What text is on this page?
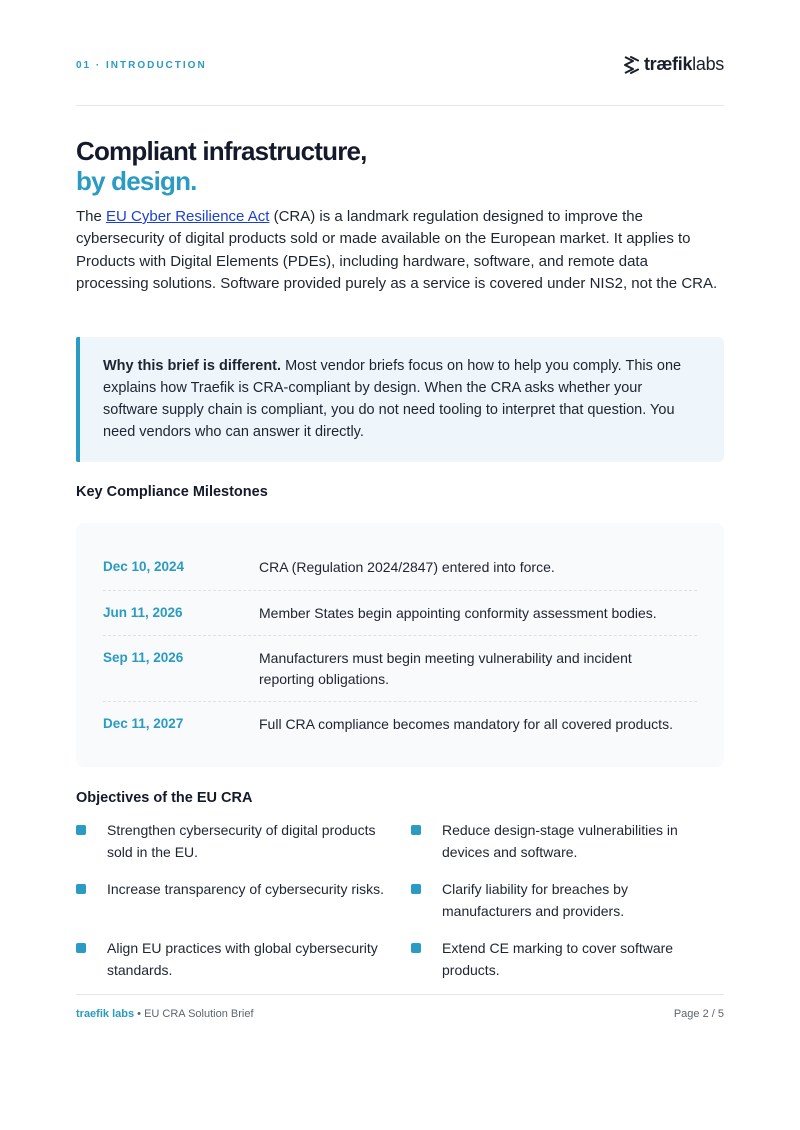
01 · INTRODUCTION	træfiklabs
Compliant infrastructure,
by design.

The EU Cyber Resilience Act (CRA) is a landmark regulation designed to improve the cybersecurity of digital products sold or made available on the European market. It applies to Products with Digital Elements (PDEs), including hardware, software, and remote data processing solutions. Software provided purely as a service is covered under NIS2, not the CRA.

Why this brief is different. Most vendor briefs focus on how to help you comply. This one explains how Traefik is CRA-compliant by design. When the CRA asks whether your software supply chain is compliant, you do not need tooling to interpret that question. You need vendors who can answer it directly.
Key Compliance Milestones
Dec 10, 2024	CRA (Regulation 2024/2847) entered into force.
Jun 11, 2026	Member States begin appointing conformity assessment bodies.
Sep 11, 2026	Manufacturers must begin meeting vulnerability and incident reporting obligations.
Dec 11, 2027	Full CRA compliance becomes mandatory for all covered products.
Objectives of the EU CRA
Strengthen cybersecurity of digital products sold in the EU.
Increase transparency of cybersecurity risks.
Align EU practices with global cybersecurity standards.
Reduce design-stage vulnerabilities in devices and software.
Clarify liability for breaches by manufacturers and providers.
Extend CE marking to cover software products.
traefik labs • EU CRA Solution Brief	Page 2 / 5
